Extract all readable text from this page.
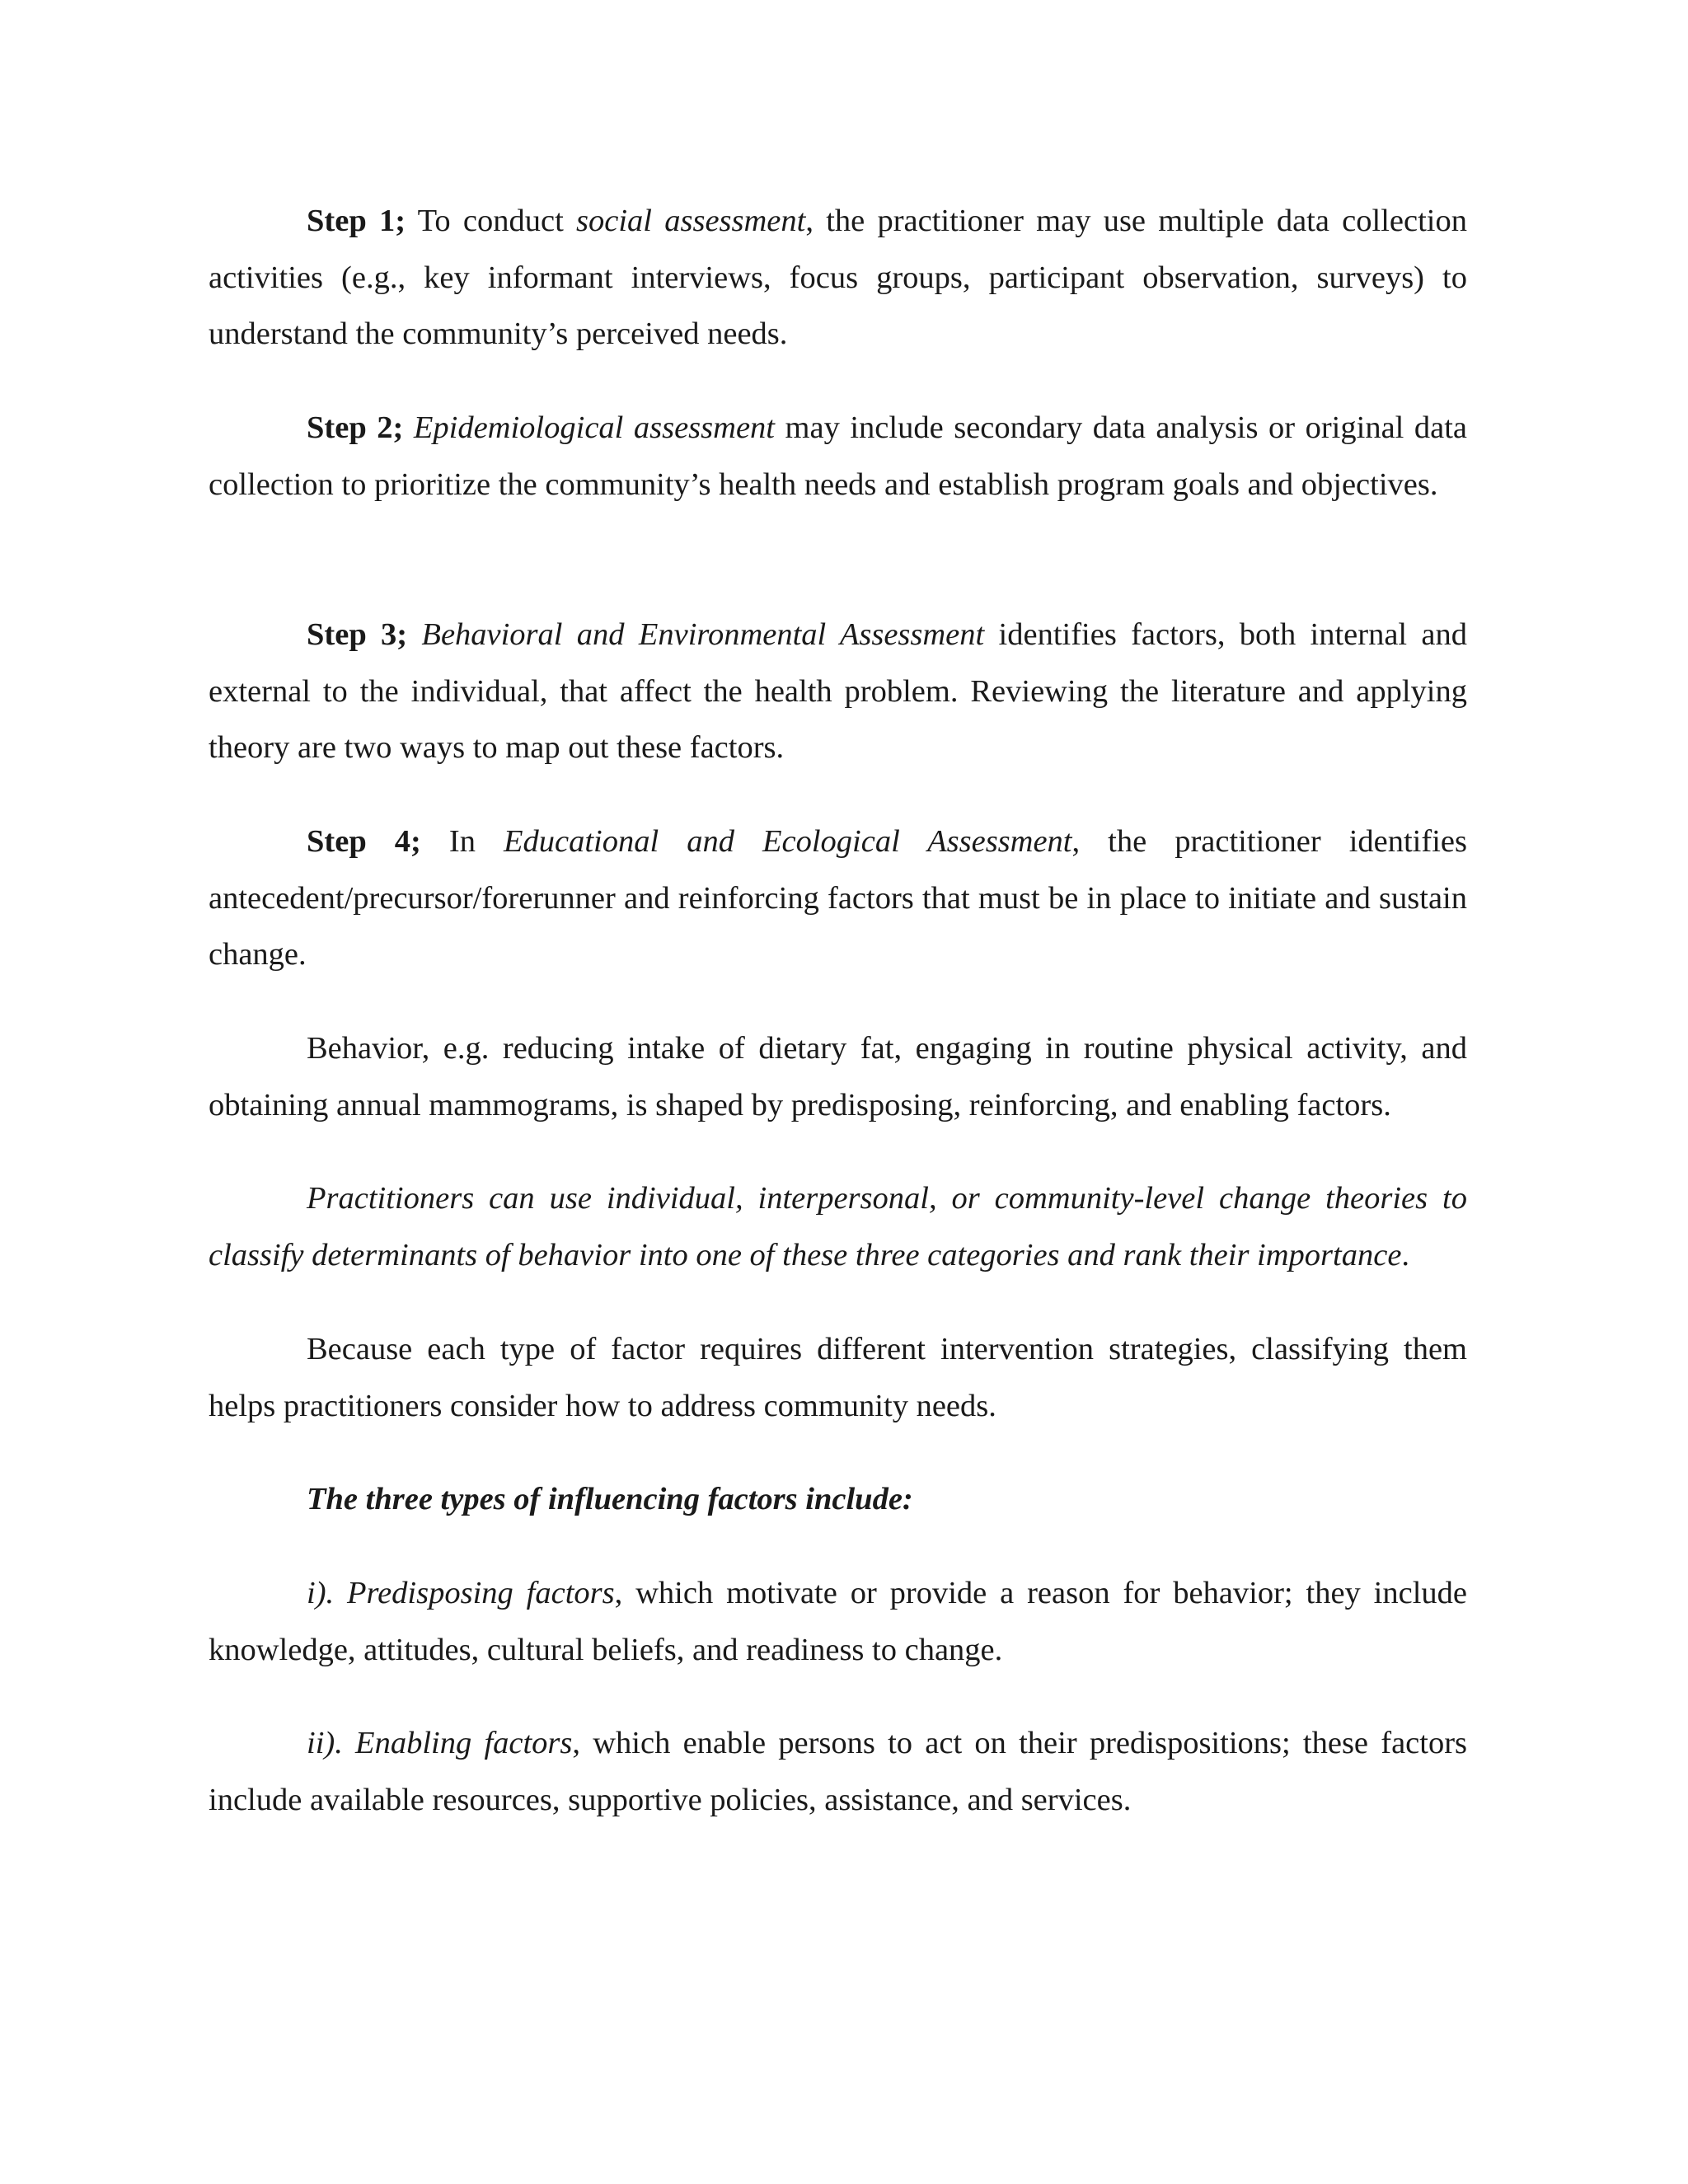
Step 1; To conduct social assessment, the practitioner may use multiple data collection activities (e.g., key informant interviews, focus groups, participant observation, surveys) to understand the community’s perceived needs.

Step 2; Epidemiological assessment may include secondary data analysis or original data collection to prioritize the community’s health needs and establish program goals and objectives.

Step 3; Behavioral and Environmental Assessment identifies factors, both internal and external to the individual, that affect the health problem. Reviewing the literature and applying theory are two ways to map out these factors.

Step 4; In Educational and Ecological Assessment, the practitioner identifies antecedent/precursor/forerunner and reinforcing factors that must be in place to initiate and sustain change.

Behavior, e.g. reducing intake of dietary fat, engaging in routine physical activity, and obtaining annual mammograms, is shaped by predisposing, reinforcing, and enabling factors.

Practitioners can use individual, interpersonal, or community-level change theories to classify determinants of behavior into one of these three categories and rank their importance.

Because each type of factor requires different intervention strategies, classifying them helps practitioners consider how to address community needs.

The three types of influencing factors include:

i). Predisposing factors, which motivate or provide a reason for behavior; they include knowledge, attitudes, cultural beliefs, and readiness to change.

ii). Enabling factors, which enable persons to act on their predispositions; these factors include available resources, supportive policies, assistance, and services.
